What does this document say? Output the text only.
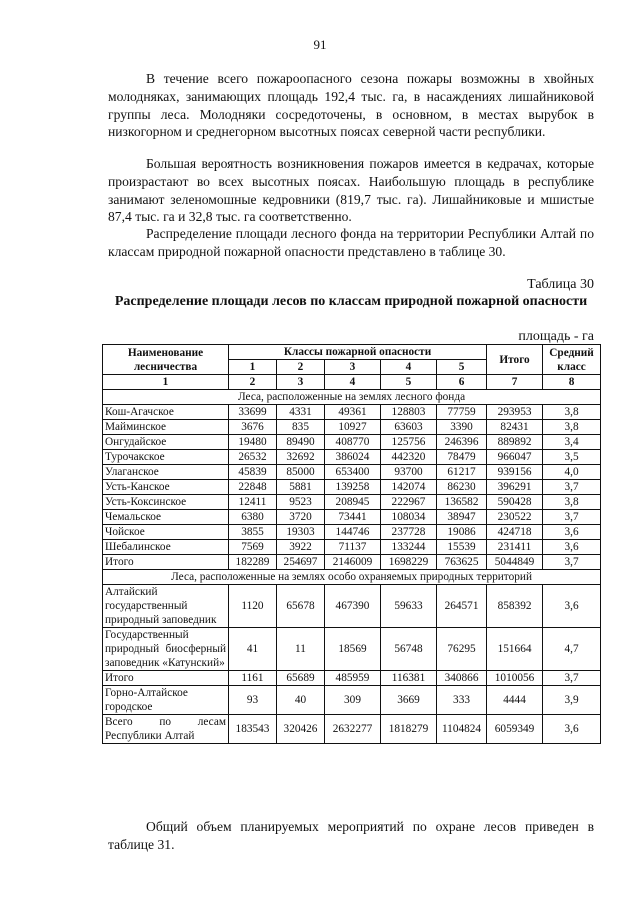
91

В течение всего пожароопасного сезона пожары возможны в хвойных молодняках, занимающих площадь 192,4 тыс. га, в насаждениях лишайниковой группы леса. Молодняки сосредоточены, в основном, в местах вырубок в низкогорном и среднегорном высотных поясах северной части республики.

Большая вероятность возникновения пожаров имеется в кедрачах, которые произрастают во всех высотных поясах. Наибольшую площадь в республике занимают зеленомошные кедровники (819,7 тыс. га). Лишайниковые и мшистые 87,4 тыс. га и 32,8 тыс. га соответственно.

Распределение площади лесного фонда на территории Республики Алтай по классам природной пожарной опасности представлено в таблице 30.

Таблица 30
Распределение площади лесов по классам природной пожарной опасности
площадь - га
Наименование лесничества	Классы пожарной опасности					Итого	Средний класс
	1	2	3	4	5		
1	2	3	4	5	6	7	8
Леса, расположенные на землях лесного фонда							
Кош-Агачское	33699	4331	49361	128803	77759	293953	3,8
Майминское	3676	835	10927	63603	3390	82431	3,8
Онгудайское	19480	89490	408770	125756	246396	889892	3,4
Турочакское	26532	32692	386024	442320	78479	966047	3,5
Улаганское	45839	85000	653400	93700	61217	939156	4,0
Усть-Канское	22848	5881	139258	142074	86230	396291	3,7
Усть-Коксинское	12411	9523	208945	222967	136582	590428	3,8
Чемальское	6380	3720	73441	108034	38947	230522	3,7
Чойское	3855	19303	144746	237728	19086	424718	3,6
Шебалинское	7569	3922	71137	133244	15539	231411	3,6
Итого	182289	254697	2146009	1698229	763625	5044849	3,7
Леса, расположенные на землях особо охраняемых природных территорий							
Алтайский государственный природный заповедник	1120	65678	467390	59633	264571	858392	3,6
Государственный природный биосферный заповедник «Катунский»	41	11	18569	56748	76295	151664	4,7
Итого	1161	65689	485959	116381	340866	1010056	3,7
Горно-Алтайское городское	93	40	309	3669	333	4444	3,9
Всего по лесам Республики Алтай	183543	320426	2632277	1818279	1104824	6059349	3,6

Общий объем планируемых мероприятий по охране лесов приведен в таблице 31.
